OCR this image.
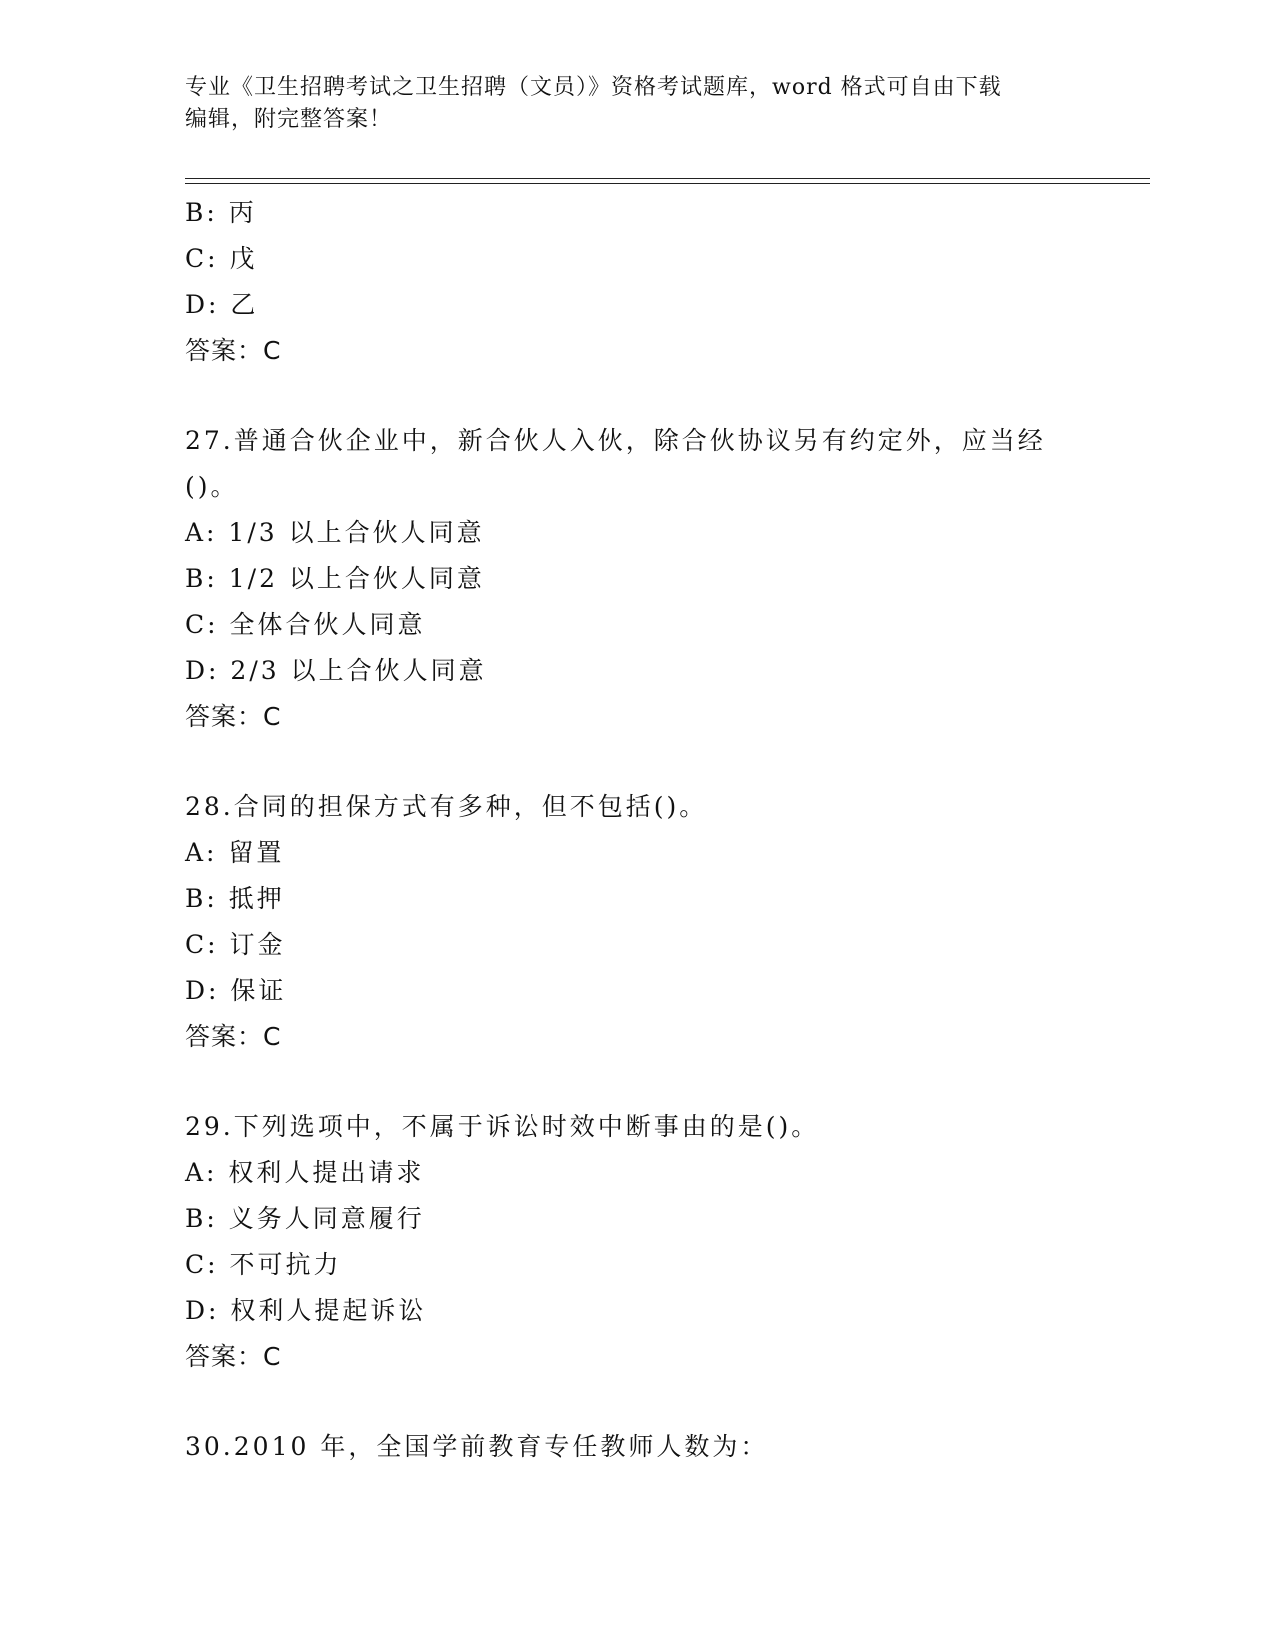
专业《卫生招聘考试之卫生招聘（文员）》资格考试题库，word 格式可自由下载
编辑，附完整答案！
B: 丙
C: 戊
D: 乙
答案：C
27.普通合伙企业中，新合伙人入伙，除合伙协议另有约定外，应当经
()。
A: 1/3 以上合伙人同意
B: 1/2 以上合伙人同意
C: 全体合伙人同意
D: 2/3 以上合伙人同意
答案：C
28.合同的担保方式有多种，但不包括()。
A: 留置
B: 抵押
C: 订金
D: 保证
答案：C
29.下列选项中，不属于诉讼时效中断事由的是()。
A: 权利人提出请求
B: 义务人同意履行
C: 不可抗力
D: 权利人提起诉讼
答案：C
30.2010 年，全国学前教育专任教师人数为：
